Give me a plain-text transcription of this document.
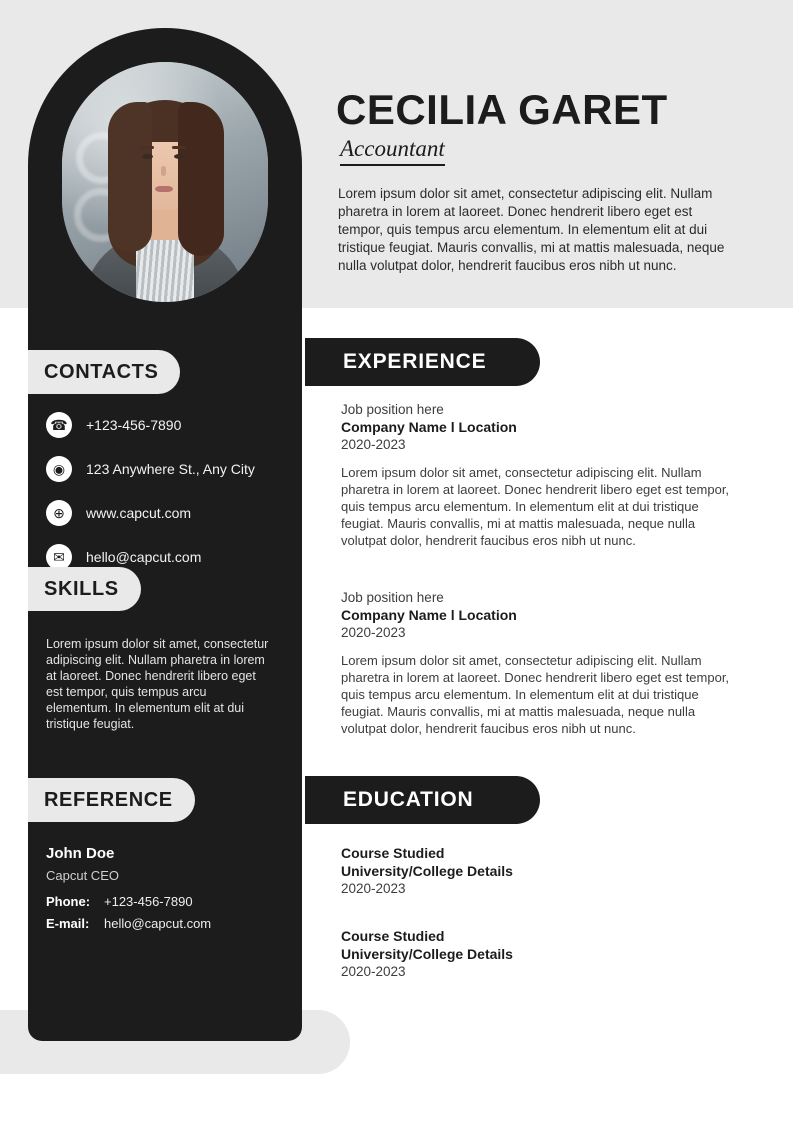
CECILIA GARET
Accountant
Lorem ipsum dolor sit amet, consectetur adipiscing elit. Nullam pharetra in lorem at laoreet. Donec hendrerit libero eget est tempor, quis tempus arcu elementum. In elementum elit at dui tristique feugiat. Mauris convallis, mi at mattis malesuada, neque nulla volutpat dolor, hendrerit faucibus eros nibh ut nunc.
EXPERIENCE
Job position here
Company Name l Location
2020-2023
Lorem ipsum dolor sit amet, consectetur adipiscing elit. Nullam pharetra in lorem at laoreet. Donec hendrerit libero eget est tempor, quis tempus arcu elementum. In elementum elit at dui tristique feugiat. Mauris convallis, mi at mattis malesuada, neque nulla volutpat dolor, hendrerit faucibus eros nibh ut nunc.
Job position here
Company Name l Location
2020-2023
Lorem ipsum dolor sit amet, consectetur adipiscing elit. Nullam pharetra in lorem at laoreet. Donec hendrerit libero eget est tempor, quis tempus arcu elementum. In elementum elit at dui tristique feugiat. Mauris convallis, mi at mattis malesuada, neque nulla volutpat dolor, hendrerit faucibus eros nibh ut nunc.
EDUCATION
Course Studied
University/College Details
2020-2023
Course Studied
University/College Details
2020-2023
CONTACTS
☎	+123-456-7890
◉	123 Anywhere St., Any City
⊕	www.capcut.com
✉	hello@capcut.com
SKILLS
Lorem ipsum dolor sit amet, consectetur adipiscing elit. Nullam pharetra in lorem at laoreet. Donec hendrerit libero eget est tempor, quis tempus arcu elementum. In elementum elit at dui tristique feugiat.
REFERENCE
John Doe
Capcut CEO
Phone:	+123-456-7890
E-mail:	hello@capcut.com
